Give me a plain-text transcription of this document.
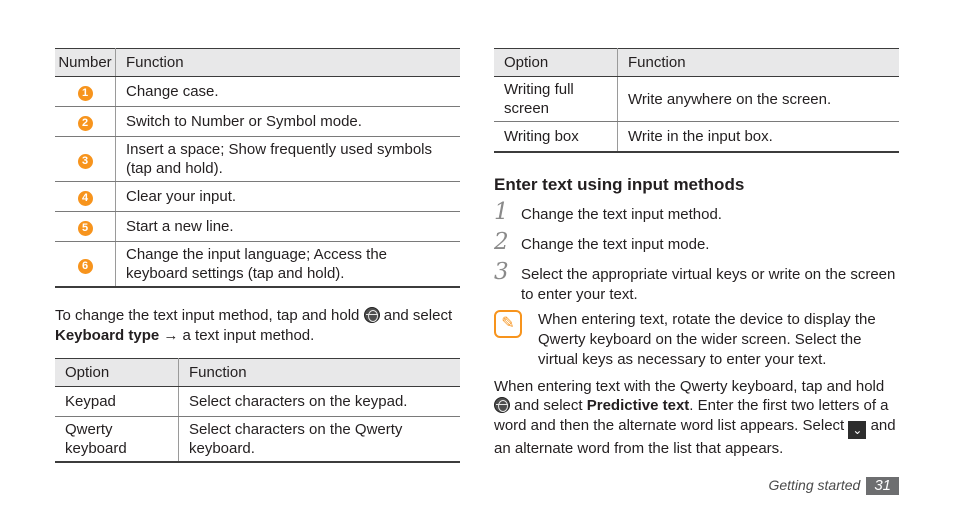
Number	Function
1	Change case.
2	Switch to Number or Symbol mode.
3	Insert a space; Show frequently used symbols (tap and hold).
4	Clear your input.
5	Start a new line.
6	Change the input language; Access the keyboard settings (tap and hold).

To change the text input method, tap and hold and select Keyboard type → a text input method.

Option	Function
Keypad	Select characters on the keypad.
Qwerty keyboard	Select characters on the Qwerty keyboard.
Option	Function
Writing full screen	Write anywhere on the screen.
Writing box	Write in the input box.
Enter text using input methods
1 Change the text input method.
2 Change the text input mode.
3 Select the appropriate virtual keys or write on the screen to enter your text.
✎	When entering text, rotate the device to display the Qwerty keyboard on the wider screen. Select the virtual keys as necessary to enter your text.

When entering text with the Qwerty keyboard, tap and hold  and select Predictive text. Enter the first two letters of a word and then the alternate word list appears. Select ⌄ and an alternate word from the list that appears.

Getting started 31
